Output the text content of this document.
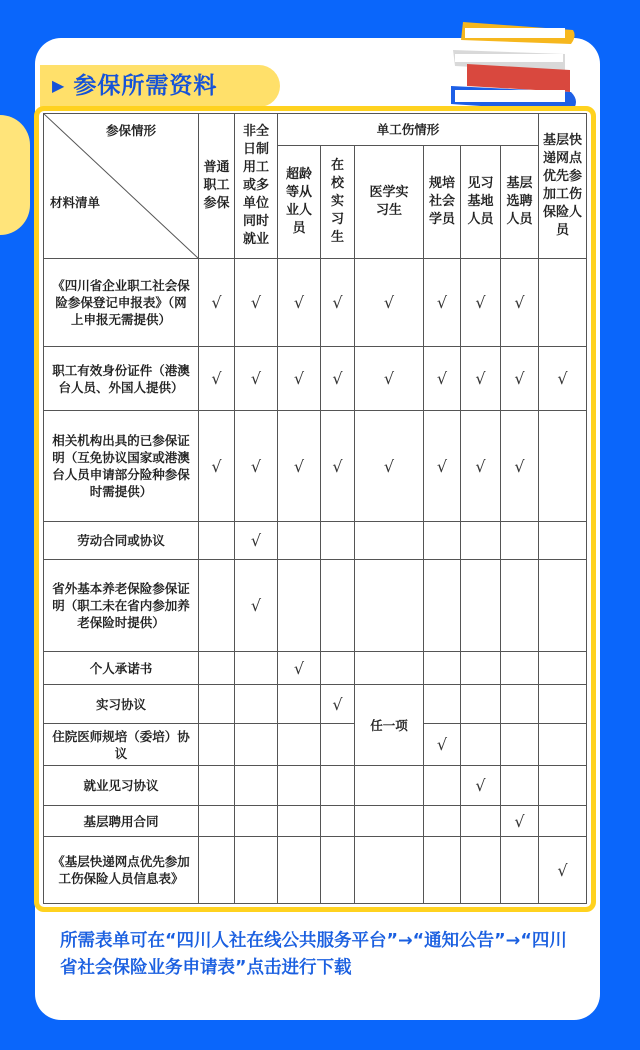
▶ 参保所需资料
参保情形
材料清单	普通职工参保	非全日制用工或多单位同时就业	单工伤情形						基层快递网点优先参加工伤保险人员
			超龄等从业人员	在校实习生	医学实习生	规培社会学员	见习基地人员	基层选聘人员	
《四川省企业职工社会保险参保登记申报表》（网上申报无需提供）	√	√	√	√	√	√	√	√	
职工有效身份证件（港澳台人员、外国人提供）	√	√	√	√	√	√	√	√	√
相关机构出具的已参保证明（互免协议国家或港澳台人员申请部分险种参保时需提供）	√	√	√	√	√	√	√	√	
劳动合同或协议		√							
省外基本养老保险参保证明（职工未在省内参加养老保险时提供）		√							
个人承诺书			√						
实习协议				√	任一项				
住院医师规培（委培）协议						√			
就业见习协议							√		
基层聘用合同								√	
《基层快递网点优先参加工伤保险人员信息表》									√
所需表单可在“四川人社在线公共服务平台”→“通知公告”→“四川省社会保险业务申请表”点击进行下载
